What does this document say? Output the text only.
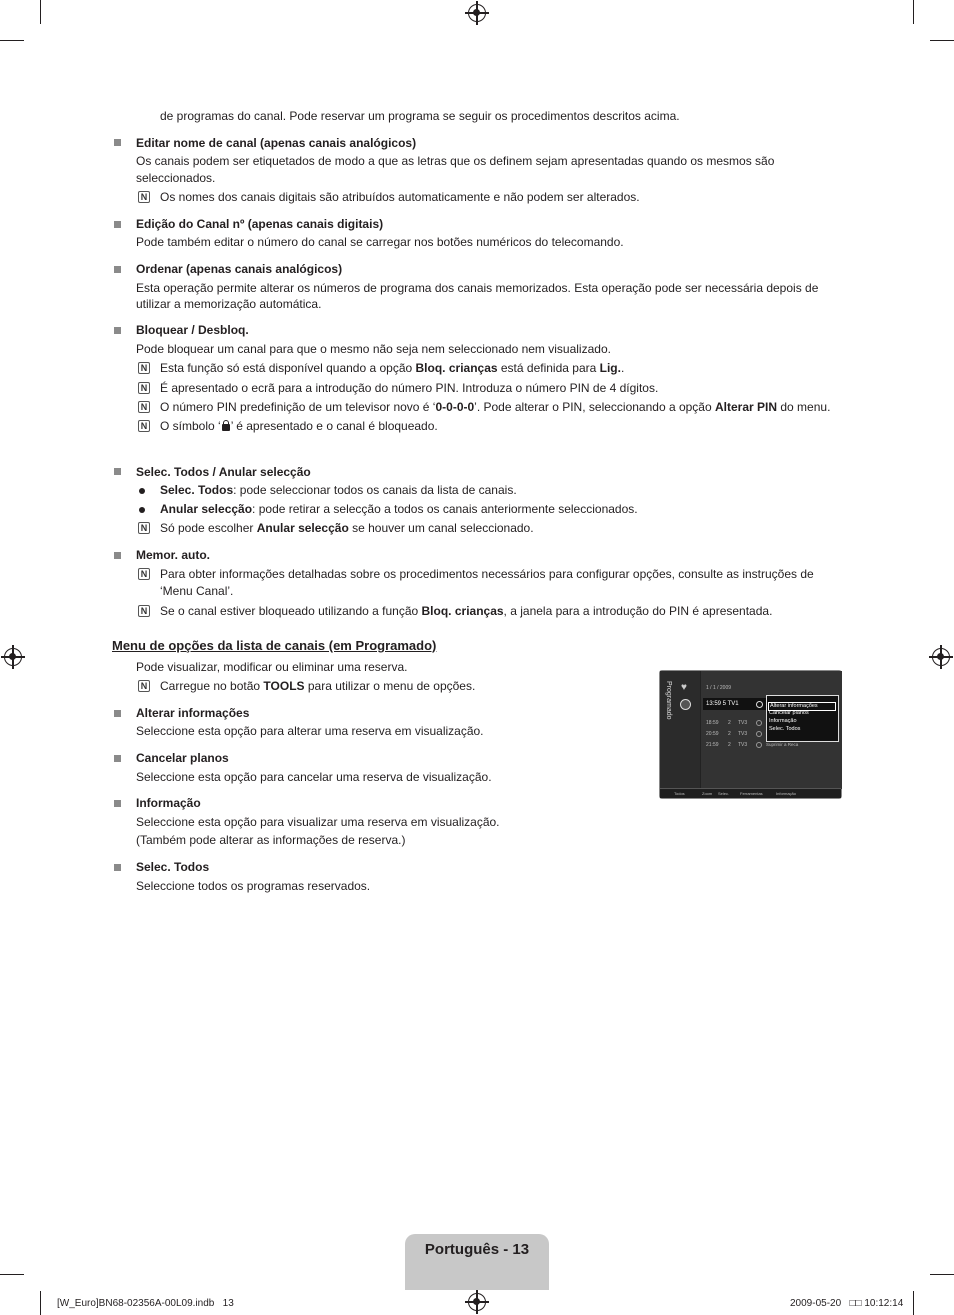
de programas do canal. Pode reservar um programa se seguir os procedimentos descritos acima.
Editar nome de canal (apenas canais analógicos)
Os canais podem ser etiquetados de modo a que as letras que os definem sejam apresentadas quando os mesmos são
seleccionados.
N Os nomes dos canais digitais são atribuídos automaticamente e não podem ser alterados.
Edição do Canal nº (apenas canais digitais)
Pode também editar o número do canal se carregar nos botões numéricos do telecomando.
Ordenar (apenas canais analógicos)
Esta operação permite alterar os números de programa dos canais memorizados. Esta operação pode ser necessária depois de
utilizar a memorização automática.
Bloquear / Desbloq.
Pode bloquear um canal para que o mesmo não seja nem seleccionado nem visualizado.
N Esta função só está disponível quando a opção Bloq. crianças está definida para Lig..
N É apresentado o ecrã para a introdução do número PIN. Introduza o número PIN de 4 dígitos.
N O número PIN predefinição de um televisor novo é ‘0-0-0-0’. Pode alterar o PIN, seleccionando a opção Alterar PIN do menu.
N O símbolo ‘ ’ é apresentado e o canal é bloqueado.
Selec. Todos / Anular selecção
Selec. Todos: pode seleccionar todos os canais da lista de canais.
Anular selecção: pode retirar a selecção a todos os canais anteriormente seleccionados.
N Só pode escolher Anular selecção se houver um canal seleccionado.
Memor. auto.
N Para obter informações detalhadas sobre os procedimentos necessários para configurar opções, consulte as instruções de
‘Menu Canal’.
N Se o canal estiver bloqueado utilizando a função Bloq. crianças, a janela para a introdução do PIN é apresentada.
Menu de opções da lista de canais (em Programado)
Pode visualizar, modificar ou eliminar uma reserva.
N Carregue no botão TOOLS para utilizar o menu de opções.
Alterar informações
Seleccione esta opção para alterar uma reserva em visualização.
Cancelar planos
Seleccione esta opção para cancelar uma reserva de visualização.
Informação
Seleccione esta opção para visualizar uma reserva em visualização.
(Também pode alterar as informações de reserva.)
Selec. Todos
Seleccione todos os programas reservados.
Programado ♥	1 / 1 / 2009
13:59 5 TV1
18:59 2 TV3
20:59 2 TV3
21:59 2 TV3	Suprimir a Reca
Alterar informações
Cancelar planos
Informação
Selec. Todos
Todos	Zoom Selec.	Ferramentas	Informação
Português - 13
[W_Euro]BN68-02356A-00L09.indb   13	2009-05-20   □□ 10:12:14
